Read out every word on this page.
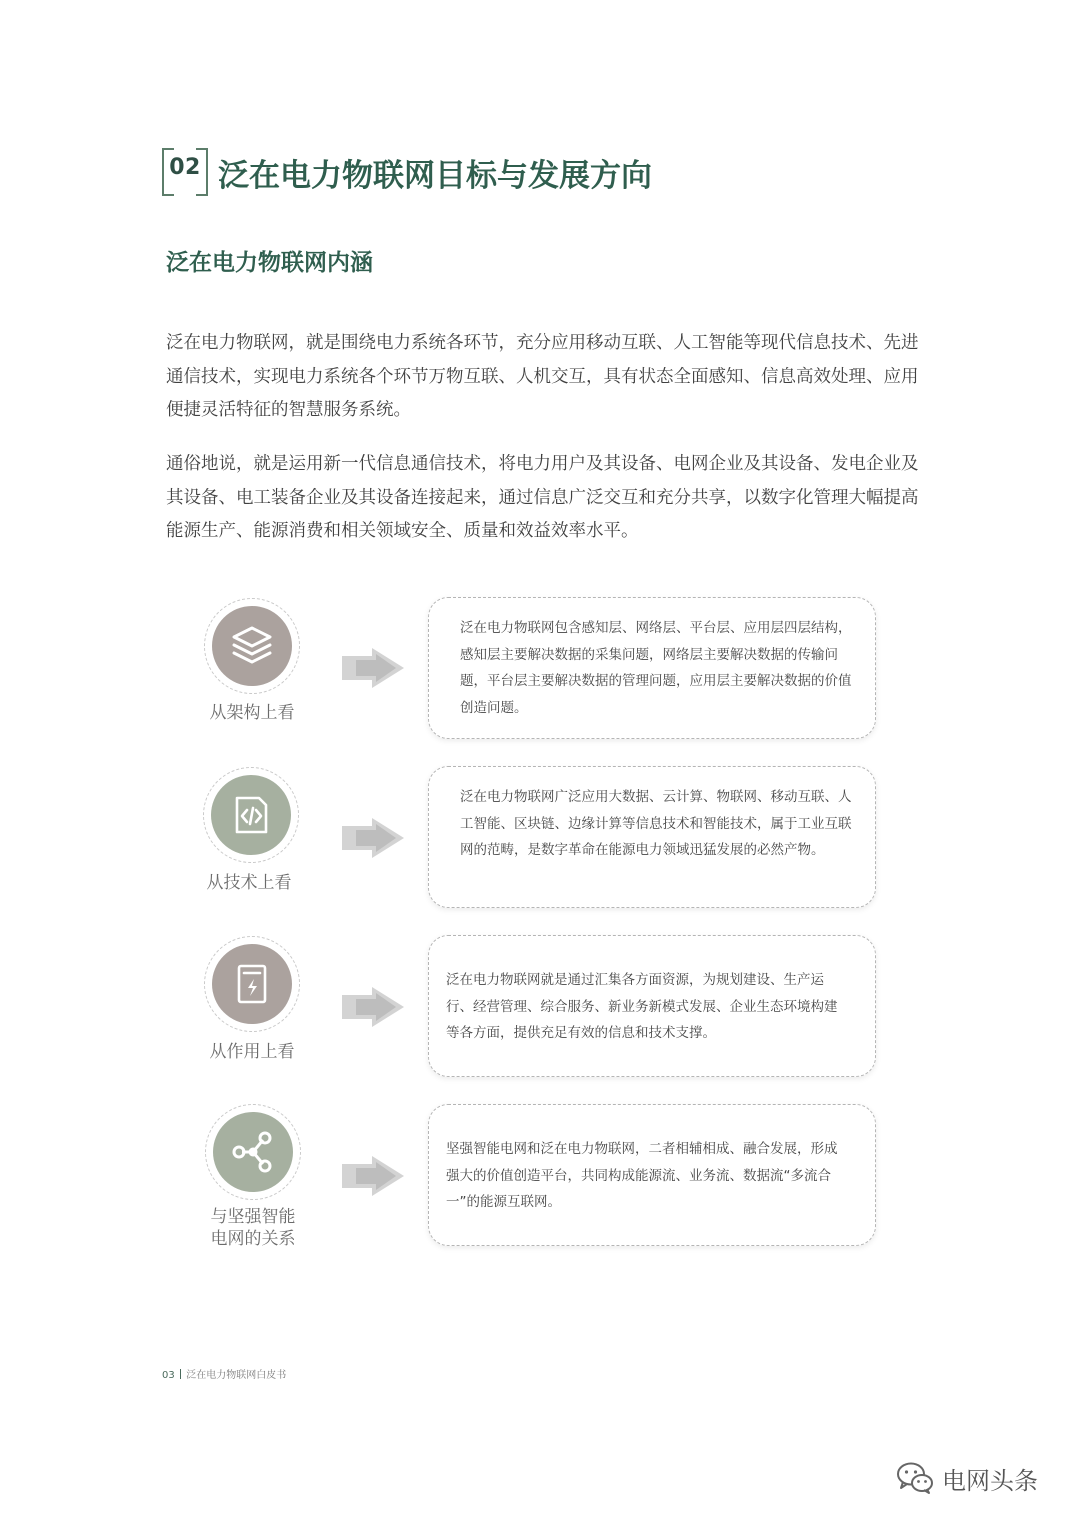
02 泛在电力物联网目标与发展方向
泛在电力物联网内涵
泛在电力物联网，就是围绕电力系统各环节，充分应用移动互联、人工智能等现代信息技术、先进通信技术，实现电力系统各个环节万物互联、人机交互，具有状态全面感知、信息高效处理、应用便捷灵活特征的智慧服务系统。
通俗地说，就是运用新一代信息通信技术，将电力用户及其设备、电网企业及其设备、发电企业及其设备、电工装备企业及其设备连接起来，通过信息广泛交互和充分共享，以数字化管理大幅提高能源生产、能源消费和相关领域安全、质量和效益效率水平。
从架构上看
泛在电力物联网包含感知层、网络层、平台层、应用层四层结构，感知层主要解决数据的采集问题，网络层主要解决数据的传输问题，平台层主要解决数据的管理问题，应用层主要解决数据的价值创造问题。
从技术上看
泛在电力物联网广泛应用大数据、云计算、物联网、移动互联、人工智能、区块链、边缘计算等信息技术和智能技术，属于工业互联网的范畴，是数字革命在能源电力领域迅猛发展的必然产物。
从作用上看
泛在电力物联网就是通过汇集各方面资源，为规划建设、生产运行、经营管理、综合服务、新业务新模式发展、企业生态环境构建等各方面，提供充足有效的信息和技术支撑。
与坚强智能电网的关系
坚强智能电网和泛在电力物联网，二者相辅相成、融合发展，形成强大的价值创造平台，共同构成能源流、业务流、数据流“多流合一”的能源互联网。
03 泛在电力物联网白皮书
电网头条
